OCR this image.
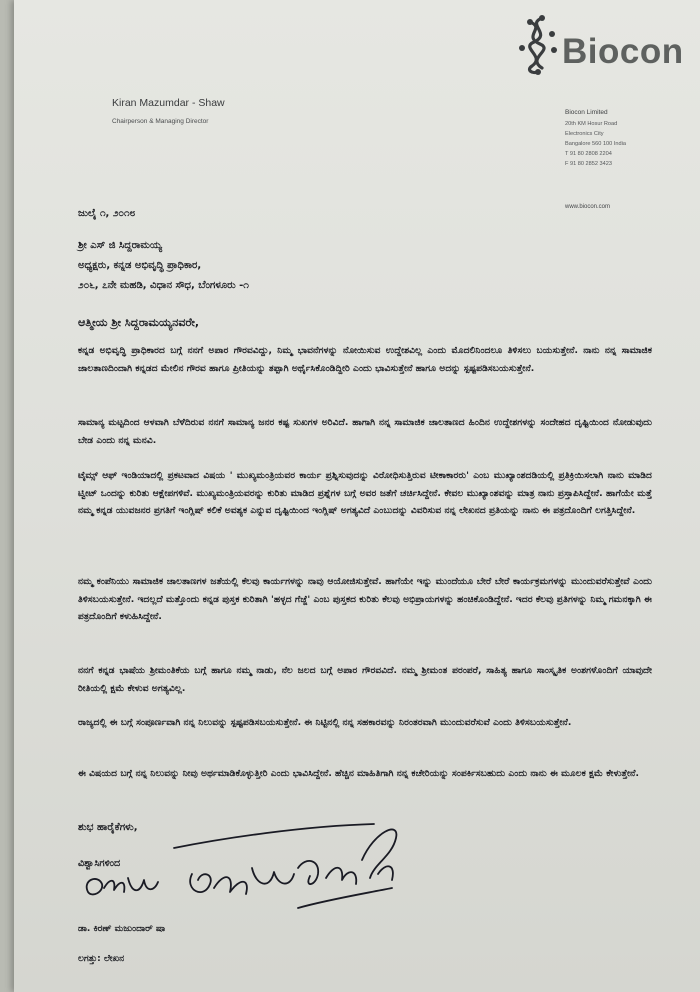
Biocon
Kiran Mazumdar - Shaw
Chairperson & Managing Director
Biocon Limited
20th KM Hosur Road
Electronics City
Bangalore 560 100 India
T 91 80 2808 2204
F 91 80 2852 3423
www.biocon.com
ಜುಲೈ ೧, ೨೦೧೮
ಶ್ರೀ ಎಸ್ ಜಿ ಸಿದ್ದರಾಮಯ್ಯ
ಅಧ್ಯಕ್ಷರು, ಕನ್ನಡ ಅಭಿವೃದ್ಧಿ ಪ್ರಾಧಿಕಾರ,
೨೦೬, ೭ನೇ ಮಹಡಿ, ವಿಧಾನ ಸೌಧ, ಬೆಂಗಳೂರು -೧
ಆತ್ಮೀಯ ಶ್ರೀ ಸಿದ್ದರಾಮಯ್ಯನವರೇ,
ಕನ್ನಡ ಅಭಿವೃದ್ಧಿ ಪ್ರಾಧಿಕಾರದ ಬಗ್ಗೆ ನನಗೆ ಅಪಾರ ಗೌರವವಿದ್ದು, ನಿಮ್ಮ ಭಾವನೆಗಳನ್ನು ನೋಯಿಸುವ ಉದ್ದೇಶವಿಲ್ಲ ಎಂದು ಮೊದಲಿನಿಂದಲೂ ತಿಳಿಸಲು ಬಯಸುತ್ತೇನೆ. ನಾನು ನನ್ನ ಸಾಮಾಜಿಕ ಜಾಲತಾಣದಿಂದಾಗಿ ಕನ್ನಡದ ಮೇಲಿನ ಗೌರವ ಹಾಗೂ ಪ್ರೀತಿಯನ್ನು ತಪ್ಪಾಗಿ ಅರ್ಥೈಸಿಕೊಂಡಿದ್ದೀರಿ ಎಂದು ಭಾವಿಸುತ್ತೇನೆ ಹಾಗೂ ಅದನ್ನು ಸ್ಪಷ್ಟಪಡಿಸಬಯಸುತ್ತೇನೆ.
ಸಾಮಾನ್ಯ ಮಟ್ಟದಿಂದ ಆಳವಾಗಿ ಬೆಳೆದಿರುವ ನನಗೆ ಸಾಮಾನ್ಯ ಜನರ ಕಷ್ಟ ಸುಖಗಳ ಅರಿವಿದೆ. ಹಾಗಾಗಿ ನನ್ನ ಸಾಮಾಜಿಕ ಜಾಲತಾಣದ ಹಿಂದಿನ ಉದ್ದೇಶಗಳನ್ನು ಸಂದೇಹದ ದೃಷ್ಟಿಯಿಂದ ನೋಡುವುದು ಬೇಡ ಎಂದು ನನ್ನ ಮನವಿ.
ಟೈಮ್ಸ್ ಆಫ್ ಇಂಡಿಯಾದಲ್ಲಿ ಪ್ರಕಟವಾದ ವಿಷಯ ' ಮುಖ್ಯಮಂತ್ರಿಯವರ ಕಾರ್ಯ ಪ್ರಶ್ನಿಸುವುದನ್ನು ವಿರೋಧಿಸುತ್ತಿರುವ ಟೀಕಾಕಾರರು' ಎಂಬ ಮುಖ್ಯಾಂಶದಡಿಯಲ್ಲಿ ಪ್ರತಿಕ್ರಿಯಿಸಲಾಗಿ ನಾನು ಮಾಡಿದ ಟ್ವೀಟ್ ಒಂದನ್ನು ಕುರಿತು ಆಕ್ಷೇಪಗಳಿವೆ. ಮುಖ್ಯಮಂತ್ರಿಯವರನ್ನು ಕುರಿತು ಮಾಡಿದ ಪ್ರಶ್ನೆಗಳ ಬಗ್ಗೆ ಅವರ ಜತೆಗೆ ಚರ್ಚಿಸಿದ್ದೇನೆ. ಕೇವಲ ಮುಖ್ಯಾಂಶವನ್ನು ಮಾತ್ರ ನಾನು ಪ್ರಸ್ತಾಪಿಸಿದ್ದೇನೆ. ಹಾಗೆಯೇ ಮತ್ತೆ ನಮ್ಮ ಕನ್ನಡ ಯುವಜನರ ಪ್ರಗತಿಗೆ ಇಂಗ್ಲಿಷ್ ಕಲಿಕೆ ಅವಶ್ಯಕ ಎನ್ನುವ ದೃಷ್ಟಿಯಿಂದ ಇಂಗ್ಲಿಷ್ ಅಗತ್ಯವಿದೆ ಎಂಬುದನ್ನು ವಿವರಿಸುವ ನನ್ನ ಲೇಖನದ ಪ್ರತಿಯನ್ನು ನಾನು ಈ ಪತ್ರದೊಂದಿಗೆ ಲಗತ್ತಿಸಿದ್ದೇನೆ.
ನಮ್ಮ ಕಂಪೆನಿಯು ಸಾಮಾಜಿಕ ಜಾಲತಾಣಗಳ ಜತೆಯಲ್ಲಿ ಕೆಲವು ಕಾರ್ಯಗಳನ್ನು ನಾವು ಆಯೋಜಿಸುತ್ತೇವೆ. ಹಾಗೆಯೇ ಇನ್ನು ಮುಂದೆಯೂ ಬೇರೆ ಬೇರೆ ಕಾರ್ಯಕ್ರಮಗಳನ್ನು ಮುಂದುವರೆಸುತ್ತೇವೆ ಎಂದು ತಿಳಿಸಬಯಸುತ್ತೇನೆ. ಇದಲ್ಲದೆ ಮತ್ತೊಂದು ಕನ್ನಡ ಪುಸ್ತಕ ಕುರಿತಾಗಿ 'ಹಳ್ಳದ ಗೆಜ್ಜೆ' ಎಂಬ ಪುಸ್ತಕದ ಕುರಿತು ಕೆಲವು ಅಭಿಪ್ರಾಯಗಳನ್ನು ಹಂಚಿಕೊಂಡಿದ್ದೇನೆ. ಇದರ ಕೆಲವು ಪ್ರತಿಗಳನ್ನು ನಿಮ್ಮ ಗಮನಕ್ಕಾಗಿ ಈ ಪತ್ರದೊಂದಿಗೆ ಕಳುಹಿಸಿದ್ದೇನೆ.
ನನಗೆ ಕನ್ನಡ ಭಾಷೆಯ ಶ್ರೀಮಂತಿಕೆಯ ಬಗ್ಗೆ ಹಾಗೂ ನಮ್ಮ ನಾಡು, ನೆಲ ಜಲದ ಬಗ್ಗೆ ಅಪಾರ ಗೌರವವಿದೆ. ನಮ್ಮ ಶ್ರೀಮಂತ ಪರಂಪರೆ, ಸಾಹಿತ್ಯ ಹಾಗೂ ಸಾಂಸ್ಕೃತಿಕ ಅಂಶಗಳೊಂದಿಗೆ ಯಾವುದೇ ರೀತಿಯಲ್ಲಿ ಕ್ಷಮೆ ಕೇಳುವ ಅಗತ್ಯವಿಲ್ಲ.
ರಾಜ್ಯದಲ್ಲಿ ಈ ಬಗ್ಗೆ ಸಂಪೂರ್ಣವಾಗಿ ನನ್ನ ನಿಲುವನ್ನು ಸ್ಪಷ್ಟಪಡಿಸಬಯಸುತ್ತೇನೆ. ಈ ನಿಟ್ಟಿನಲ್ಲಿ ನನ್ನ ಸಹಕಾರವನ್ನು ನಿರಂತರವಾಗಿ ಮುಂದುವರೆಸುವೆ ಎಂದು ತಿಳಿಸಬಯಸುತ್ತೇನೆ.
ಈ ವಿಷಯದ ಬಗ್ಗೆ ನನ್ನ ನಿಲುವನ್ನು ನೀವು ಅರ್ಥಮಾಡಿಕೊಳ್ಳುತ್ತೀರಿ ಎಂದು ಭಾವಿಸಿದ್ದೇನೆ. ಹೆಚ್ಚಿನ ಮಾಹಿತಿಗಾಗಿ ನನ್ನ ಕಚೇರಿಯನ್ನು ಸಂಪರ್ಕಿಸಬಹುದು ಎಂದು ನಾನು ಈ ಮೂಲಕ ಕ್ಷಮೆ ಕೇಳುತ್ತೇನೆ.
ಶುಭ ಹಾರೈಕೆಗಳು,
ವಿಶ್ವಾಸಿಗಳಿಂದ
ಡಾ. ಕಿರಣ್ ಮಜುಂದಾರ್ ಷಾ
ಲಗತ್ತು: ಲೇಖನ
